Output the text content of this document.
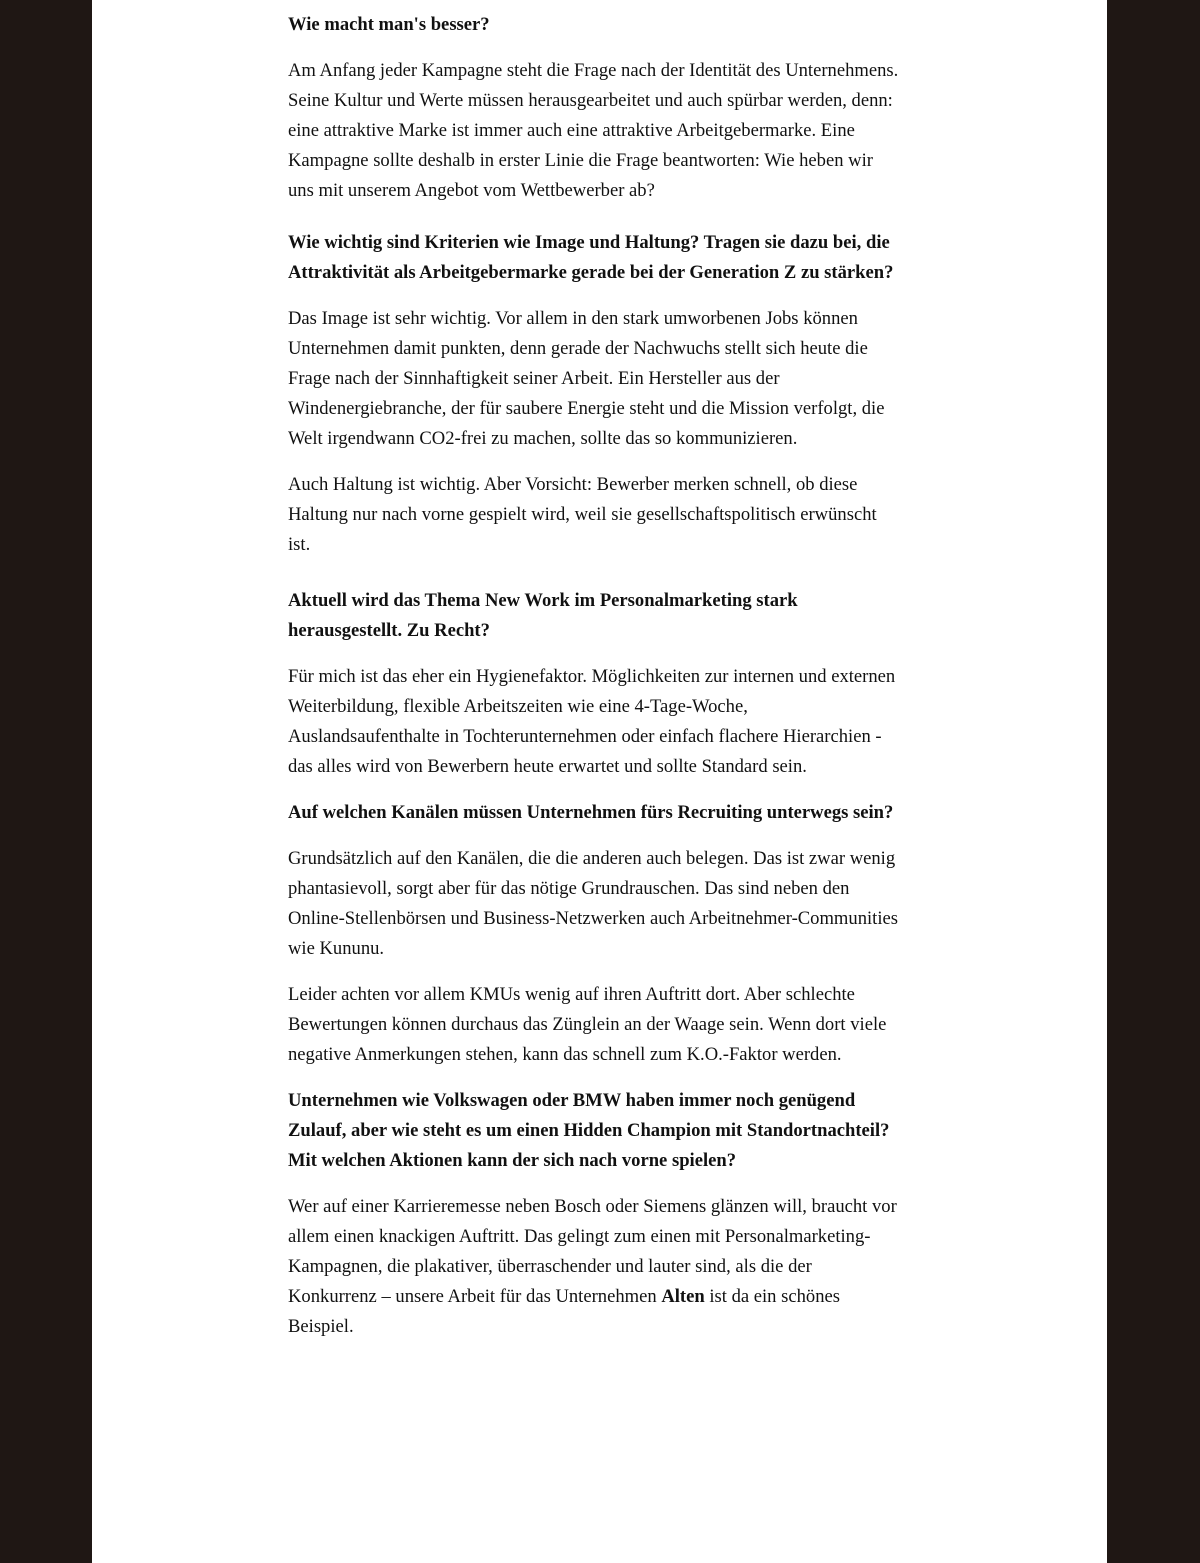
Wie macht man's besser?

Am Anfang jeder Kampagne steht die Frage nach der Identität des Unternehmens. Seine Kultur und Werte müssen herausgearbeitet und auch spürbar werden, denn: eine attraktive Marke ist immer auch eine attraktive Arbeitgebermarke. Eine Kampagne sollte deshalb in erster Linie die Frage beantworten: Wie heben wir uns mit unserem Angebot vom Wettbewerber ab?

Wie wichtig sind Kriterien wie Image und Haltung? Tragen sie dazu bei, die Attraktivität als Arbeitgebermarke gerade bei der Generation Z zu stärken?

Das Image ist sehr wichtig. Vor allem in den stark umworbenen Jobs können Unternehmen damit punkten, denn gerade der Nachwuchs stellt sich heute die Frage nach der Sinnhaftigkeit seiner Arbeit. Ein Hersteller aus der Windenergiebranche, der für saubere Energie steht und die Mission verfolgt, die Welt irgendwann CO2-frei zu machen, sollte das so kommunizieren.

Auch Haltung ist wichtig. Aber Vorsicht: Bewerber merken schnell, ob diese Haltung nur nach vorne gespielt wird, weil sie gesellschaftspolitisch erwünscht ist.

Aktuell wird das Thema New Work im Personalmarketing stark herausgestellt. Zu Recht?

Für mich ist das eher ein Hygienefaktor. Möglichkeiten zur internen und externen Weiterbildung, flexible Arbeitszeiten wie eine 4-Tage-Woche, Auslandsaufenthalte in Tochterunternehmen oder einfach flachere Hierarchien - das alles wird von Bewerbern heute erwartet und sollte Standard sein.

Auf welchen Kanälen müssen Unternehmen fürs Recruiting unterwegs sein?

Grundsätzlich auf den Kanälen, die die anderen auch belegen. Das ist zwar wenig phantasievoll, sorgt aber für das nötige Grundrauschen. Das sind neben den Online-Stellenbörsen und Business-Netzwerken auch Arbeitnehmer-Communities wie Kununu.

Leider achten vor allem KMUs wenig auf ihren Auftritt dort. Aber schlechte Bewertungen können durchaus das Zünglein an der Waage sein. Wenn dort viele negative Anmerkungen stehen, kann das schnell zum K.O.-Faktor werden.

Unternehmen wie Volkswagen oder BMW haben immer noch genügend Zulauf, aber wie steht es um einen Hidden Champion mit Standortnachteil? Mit welchen Aktionen kann der sich nach vorne spielen?

Wer auf einer Karrieremesse neben Bosch oder Siemens glänzen will, braucht vor allem einen knackigen Auftritt. Das gelingt zum einen mit Personalmarketing-Kampagnen, die plakativer, überraschender und lauter sind, als die der Konkurrenz – unsere Arbeit für das Unternehmen Alten ist da ein schönes Beispiel.
